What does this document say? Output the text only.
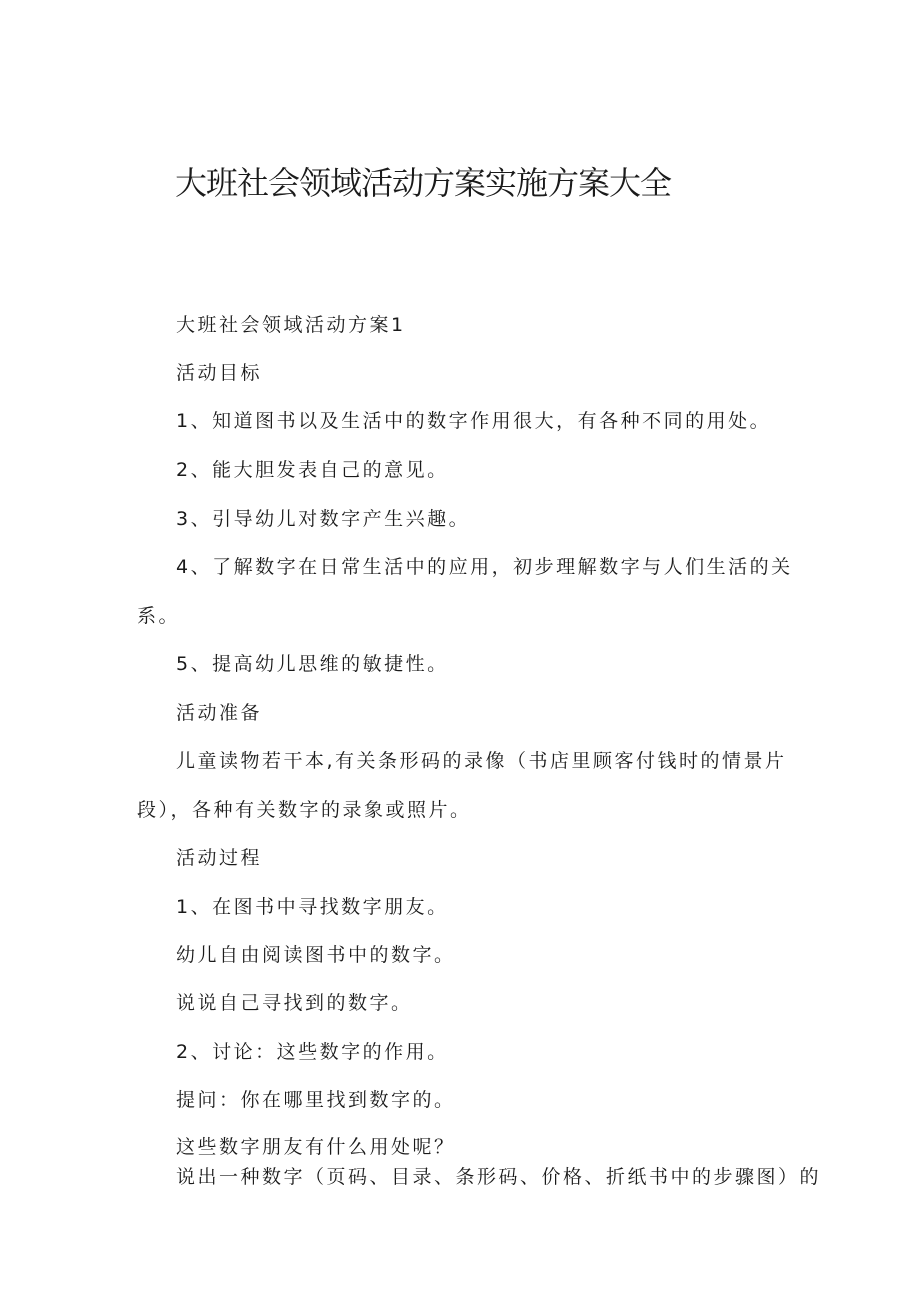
大班社会领域活动方案实施方案大全

大班社会领域活动方案1

活动目标

1、知道图书以及生活中的数字作用很大，有各种不同的用处。

2、能大胆发表自己的意见。

3、引导幼儿对数字产生兴趣。

4、了解数字在日常生活中的应用，初步理解数字与人们生活的关

系。

5、提高幼儿思维的敏捷性。

活动准备

儿童读物若干本,有关条形码的录像（书店里顾客付钱时的情景片

段），各种有关数字的录象或照片。

活动过程

1、在图书中寻找数字朋友。

幼儿自由阅读图书中的数字。

说说自己寻找到的数字。

2、讨论：这些数字的作用。

提问：你在哪里找到数字的。

这些数字朋友有什么用处呢？

说出一种数字（页码、目录、条形码、价格、折纸书中的步骤图）的
